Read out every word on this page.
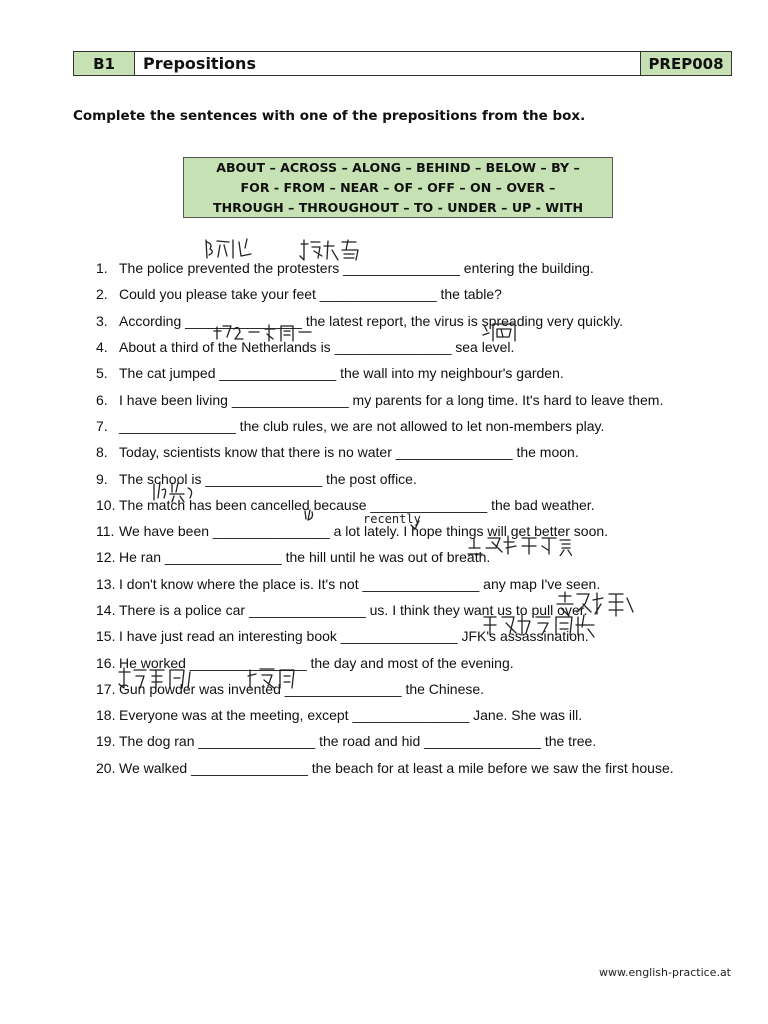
B1	Prepositions	PREP008
Complete the sentences with one of the prepositions from the box.
ABOUT – ACROSS – ALONG – BEHIND – BELOW – BY –
FOR - FROM – NEAR – OF - OFF – ON – OVER –
THROUGH – THROUGHOUT – TO - UNDER – UP - WITH
1. The police prevented the protesters _______________ entering the building.
2. Could you please take your feet _______________ the table?
3. According _______________ the latest report, the virus is spreading very quickly.
4. About a third of the Netherlands is _______________ sea level.
5. The cat jumped _______________ the wall into my neighbour's garden.
6. I have been living _______________ my parents for a long time. It's hard to leave them.
7. _______________ the club rules, we are not allowed to let non-members play.
8. Today, scientists know that there is no water _______________ the moon.
9. The school is _______________ the post office.
10. The match has been cancelled because _______________ the bad weather.
11. We have been _______________ a lot lately. I hope things will get better soon.
12. He ran _______________ the hill until he was out of breath.
13. I don't know where the place is. It's not _______________ any map I've seen.
14. There is a police car _______________ us. I think they want us to pull over.
15. I have just read an interesting book _______________ JFK's assassination.
16. He worked _______________ the day and most of the evening.
17. Gun powder was invented _______________ the Chinese.
18. Everyone was at the meeting, except _______________ Jane. She was ill.
19. The dog ran _______________ the road and hid _______________ the tree.
20. We walked _______________ the beach for at least a mile before we saw the first house.
recently
www.english-practice.at
